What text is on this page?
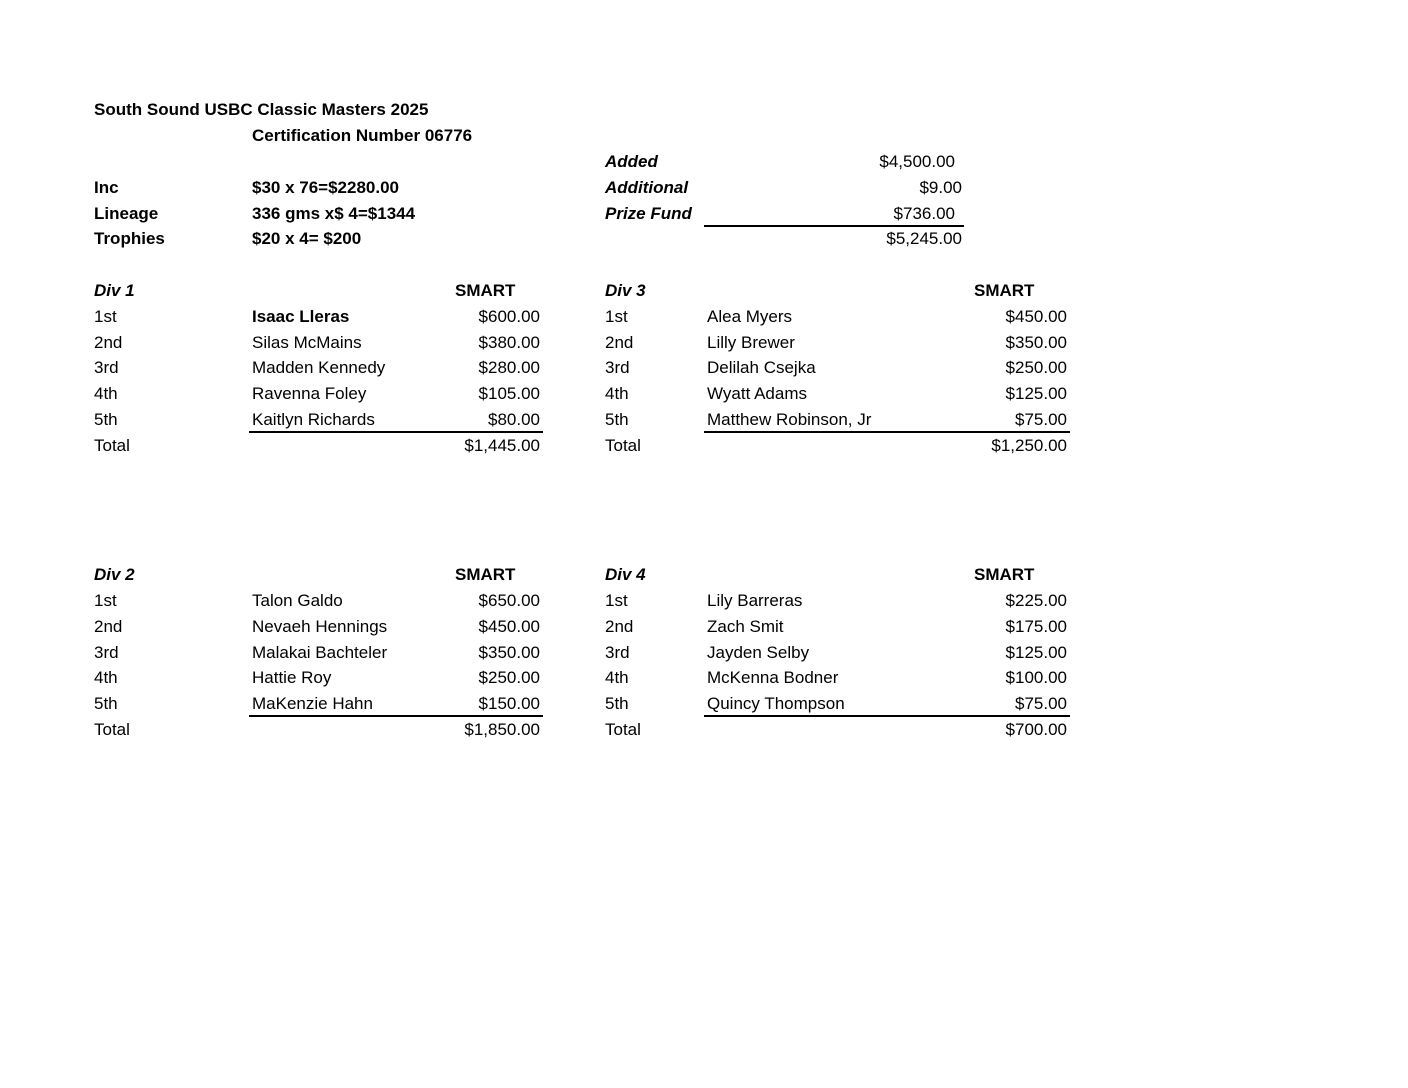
South Sound USBC Classic Masters 2025
Certification Number 06776
Inc	$30 x 76=$2280.00
Lineage	336 gms x$ 4=$1344
Trophies	$20 x 4= $200
Added	$4,500.00
Additional	$9.00
Prize Fund	$736.00
$5,245.00
Div 1	SMART
1st	Isaac Lleras	$600.00
2nd	Silas McMains	$380.00
3rd	Madden Kennedy	$280.00
4th	Ravenna Foley	$105.00
5th	Kaitlyn Richards	$80.00
Total	$1,445.00
Div 3	SMART
1st	Alea Myers	$450.00
2nd	Lilly Brewer	$350.00
3rd	Delilah Csejka	$250.00
4th	Wyatt Adams	$125.00
5th	Matthew Robinson, Jr	$75.00
Total	$1,250.00
Div 2	SMART
1st	Talon Galdo	$650.00
2nd	Nevaeh Hennings	$450.00
3rd	Malakai Bachteler	$350.00
4th	Hattie Roy	$250.00
5th	MaKenzie Hahn	$150.00
Total	$1,850.00
Div 4	SMART
1st	Lily Barreras	$225.00
2nd	Zach Smit	$175.00
3rd	Jayden Selby	$125.00
4th	McKenna Bodner	$100.00
5th	Quincy Thompson	$75.00
Total	$700.00
